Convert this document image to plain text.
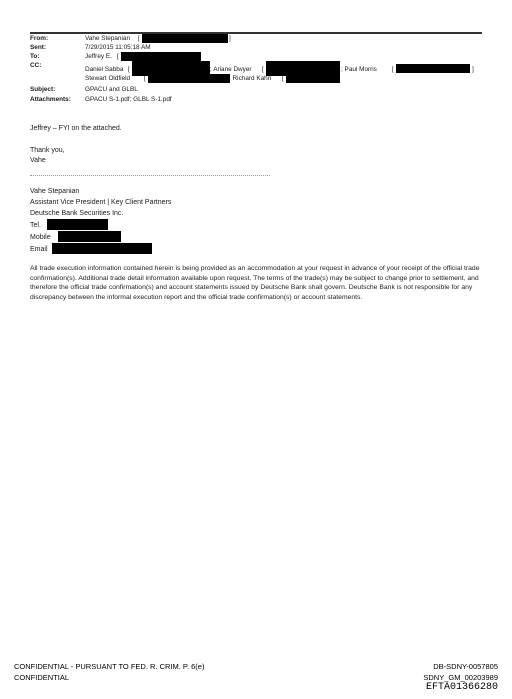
From:	Vahe Stepanian [	]
Sent:	7/29/2015 11:05:18 AM
To:	Jeffrey E. [
CC:
Daniel Sabba [	; Ariane Dwyer [	; Paul Morris [	]
Stewart Oldfield [	; Richard Kahn [
Subject:	GPACU and GLBL
Attachments: GPACU S-1.pdf; GLBL S-1.pdf
Jeffrey – FYI on the attached.
Thank you,
Vahe
Vahe Stepanian
Assistant Vice President | Key Client Partners
Deutsche Bank Securities Inc.
Tel.
Mobile
Email
All trade execution information contained herein is being provided as an accommodation at your request in advance of your receipt of the official trade confirmation(s). Additional trade detail information available upon request. The terms of the trade(s) may be subject to change prior to settlement, and therefore the official trade confirmation(s) and account statements issued by Deutsche Bank shall govern. Deutsche Bank is not responsible for any discrepancy between the informal execution report and the official trade confirmation(s) or account statements.
CONFIDENTIAL - PURSUANT TO FED. R. CRIM. P. 6(e)
CONFIDENTIAL
DB-SDNY-0057805
SDNY_GM_00203989
EFTA01366280
